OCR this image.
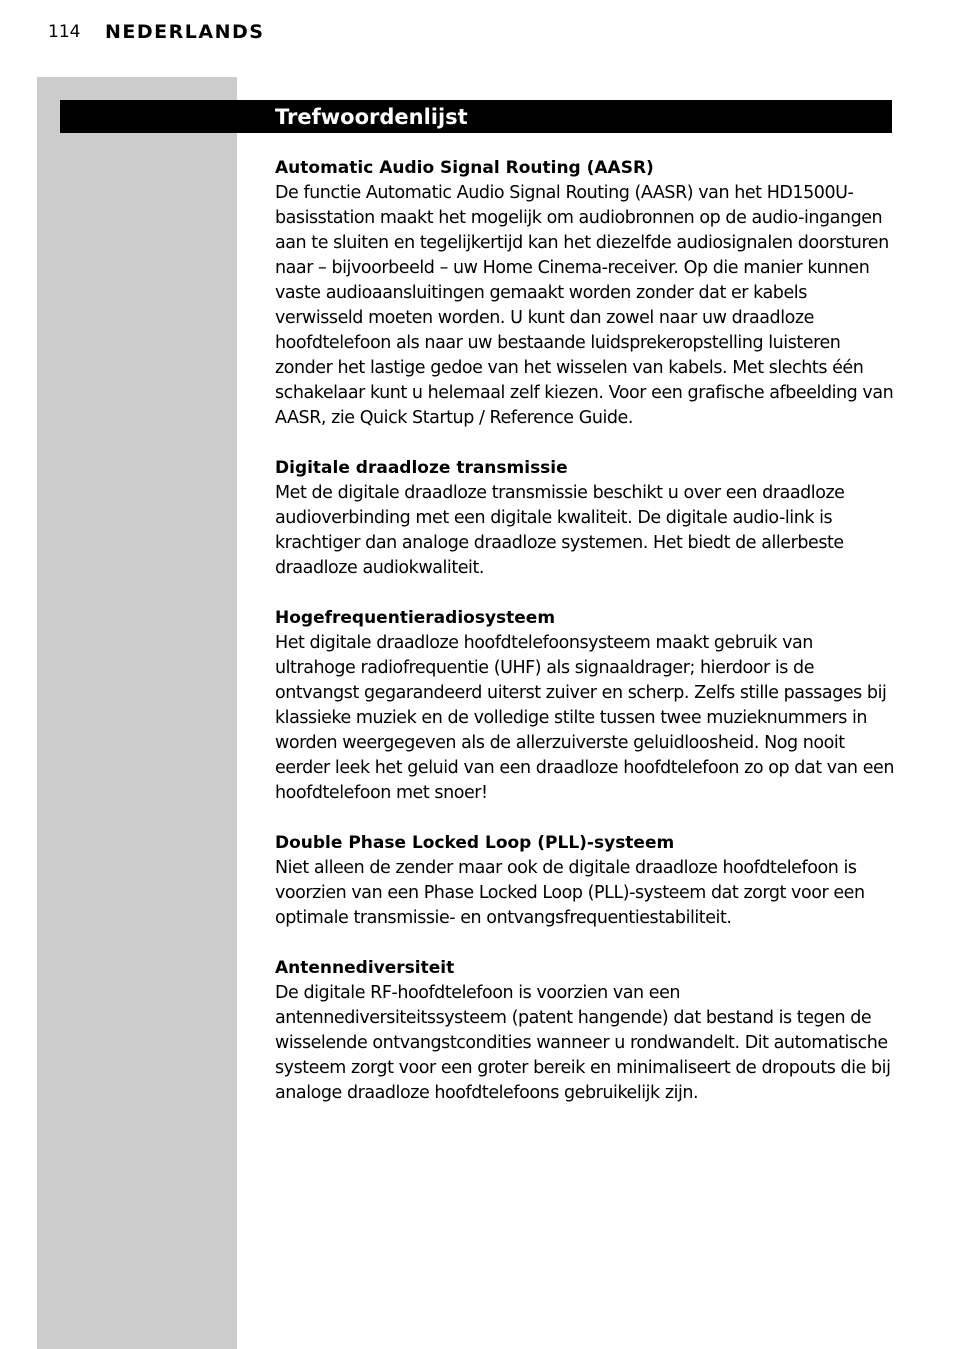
114 NEDERLANDS
Trefwoordenlijst
Automatic Audio Signal Routing (AASR)

De functie Automatic Audio Signal Routing (AASR) van het HD1500U-basisstation maakt het mogelijk om audiobronnen op de audio-ingangen aan te sluiten en tegelijkertijd kan het diezelfde audiosignalen doorsturen naar – bijvoorbeeld – uw Home Cinema-receiver. Op die manier kunnen vaste audioaansluitingen gemaakt worden zonder dat er kabels verwisseld moeten worden. U kunt dan zowel naar uw draadloze hoofdtelefoon als naar uw bestaande luidsprekeropstelling luisteren zonder het lastige gedoe van het wisselen van kabels. Met slechts één schakelaar kunt u helemaal zelf kiezen. Voor een grafische afbeelding van AASR, zie Quick Startup / Reference Guide.

Digitale draadloze transmissie

Met de digitale draadloze transmissie beschikt u over een draadloze audioverbinding met een digitale kwaliteit. De digitale audio-link is krachtiger dan analoge draadloze systemen. Het biedt de allerbeste draadloze audiokwaliteit.

Hogefrequentieradiosysteem

Het digitale draadloze hoofdtelefoonsysteem maakt gebruik van ultrahoge radiofrequentie (UHF) als signaaldrager; hierdoor is de ontvangst gegarandeerd uiterst zuiver en scherp. Zelfs stille passages bij klassieke muziek en de volledige stilte tussen twee muzieknummers in worden weergegeven als de allerzuiverste geluidloosheid. Nog nooit eerder leek het geluid van een draadloze hoofdtelefoon zo op dat van een hoofdtelefoon met snoer!

Double Phase Locked Loop (PLL)-systeem

Niet alleen de zender maar ook de digitale draadloze hoofdtelefoon is voorzien van een Phase Locked Loop (PLL)-systeem dat zorgt voor een optimale transmissie- en ontvangsfrequentiestabiliteit.

Antennediversiteit

De digitale RF-hoofdtelefoon is voorzien van een antennediversiteitssysteem (patent hangende) dat bestand is tegen de wisselende ontvangstcondities wanneer u rondwandelt. Dit automatische systeem zorgt voor een groter bereik en minimaliseert de dropouts die bij analoge draadloze hoofdtelefoons gebruikelijk zijn.
